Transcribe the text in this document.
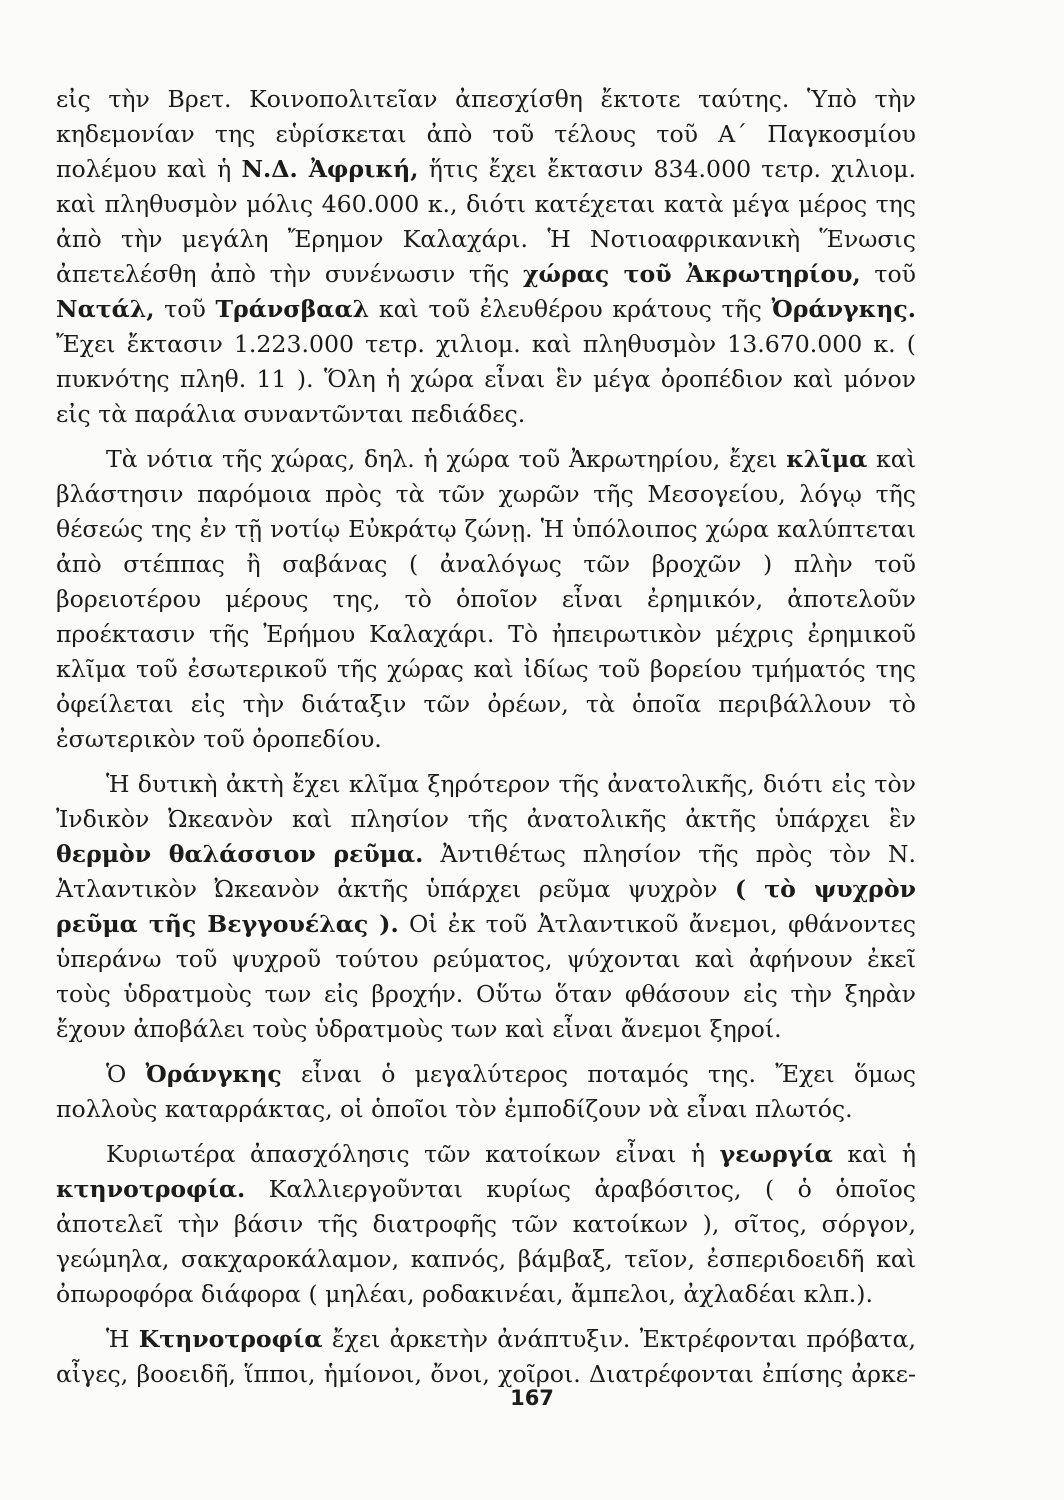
εἰς τὴν Βρετ. Κοινοπολιτεῖαν ἀπεσχίσθη ἔκτοτε ταύτης. Ὑπὸ τὴν κηδεμονίαν της εὑρίσκεται ἀπὸ τοῦ τέλους τοῦ Α΄ Παγκοσμίου πολέμου καὶ ἡ Ν.Δ. Ἀφρική, ἥτις ἔχει ἔκτασιν 834.000 τετρ. χιλιομ. καὶ πληθυσμὸν μόλις 460.000 κ., διότι κατέχεται κατὰ μέγα μέρος της ἀπὸ τὴν μεγάλη Ἔρημον Καλαχάρι. Ἡ Νοτιοαφρικανικὴ Ἕνωσις ἀπετελέσθη ἀπὸ τὴν συνένωσιν τῆς χώρας τοῦ Ἀκρωτηρίου, τοῦ Νατάλ, τοῦ Τράνσβααλ καὶ τοῦ ἐλευθέρου κράτους τῆς Ὀράνγκης. Ἔχει ἔκτασιν 1.223.000 τετρ. χιλιομ. καὶ πληθυσμὸν 13.670.000 κ. ( πυκνότης πληθ. 11 ). Ὅλη ἡ χώρα εἶναι ἓν μέγα ὀροπέδιον καὶ μόνον εἰς τὰ παράλια συναντῶνται πεδιάδες.

Τὰ νότια τῆς χώρας, δηλ. ἡ χώρα τοῦ Ἀκρωτηρίου, ἔχει κλῖμα καὶ βλάστησιν παρόμοια πρὸς τὰ τῶν χωρῶν τῆς Μεσογείου, λόγῳ τῆς θέσεώς της ἐν τῇ νοτίῳ Εὐκράτῳ ζώνῃ. Ἡ ὑπόλοιπος χώρα καλύπτεται ἀπὸ στέππας ἢ σαβάνας ( ἀναλόγως τῶν βροχῶν ) πλὴν τοῦ βορειοτέρου μέρους της, τὸ ὁποῖον εἶναι ἐρημικόν, ἀποτελοῦν προέκτασιν τῆς Ἐρήμου Καλαχάρι. Τὸ ἠπειρωτικὸν μέχρις ἐρημικοῦ κλῖμα τοῦ ἐσωτερικοῦ τῆς χώρας καὶ ἰδίως τοῦ βορείου τμήματός της ὀφείλεται εἰς τὴν διάταξιν τῶν ὀρέων, τὰ ὁποῖα περιβάλλουν τὸ ἐσωτερικὸν τοῦ ὀροπεδίου.

Ἡ δυτικὴ ἀκτὴ ἔχει κλῖμα ξηρότερον τῆς ἀνατολικῆς, διότι εἰς τὸν Ἰνδικὸν Ὠκεανὸν καὶ πλησίον τῆς ἀνατολικῆς ἀκτῆς ὑπάρχει ἓν θερμὸν θαλάσσιον ρεῦμα. Ἀντιθέτως πλησίον τῆς πρὸς τὸν Ν. Ἀτλαντικὸν Ὠκεανὸν ἀκτῆς ὑπάρχει ρεῦμα ψυχρὸν ( τὸ ψυχρὸν ρεῦμα τῆς Βεγγουέλας ). Οἱ ἐκ τοῦ Ἀτλαντικοῦ ἄνεμοι, φθάνοντες ὑπεράνω τοῦ ψυχροῦ τούτου ρεύματος, ψύχονται καὶ ἀφήνουν ἐκεῖ τοὺς ὑδρατμοὺς των εἰς βροχήν. Οὕτω ὅταν φθάσουν εἰς τὴν ξηρὰν ἔχουν ἀποβάλει τοὺς ὑδρατμοὺς των καὶ εἶναι ἄνεμοι ξηροί.

Ὁ Ὀράνγκης εἶναι ὁ μεγαλύτερος ποταμός της. Ἔχει ὅμως πολλοὺς καταρράκτας, οἱ ὁποῖοι τὸν ἐμποδίζουν νὰ εἶναι πλωτός.

Κυριωτέρα ἀπασχόλησις τῶν κατοίκων εἶναι ἡ γεωργία καὶ ἡ κτηνοτροφία. Καλλιεργοῦνται κυρίως ἀραβόσιτος, ( ὁ ὁποῖος ἀποτελεῖ τὴν βάσιν τῆς διατροφῆς τῶν κατοίκων ), σῖτος, σόργον, γεώμηλα, σακχαροκάλαμον, καπνός, βάμβαξ, τεῖον, ἐσπεριδοειδῆ καὶ ὀπωροφόρα διάφορα ( μηλέαι, ροδακινέαι, ἄμπελοι, ἀχλαδέαι κλπ.).

Ἡ Κτηνοτροφία ἔχει ἀρκετὴν ἀνάπτυξιν. Ἐκτρέφονται πρόβατα, αἶγες, βοοειδῆ, ἵπποι, ἡμίονοι, ὄνοι, χοῖροι. Διατρέφονται ἐπίσης ἀρκε-

167
